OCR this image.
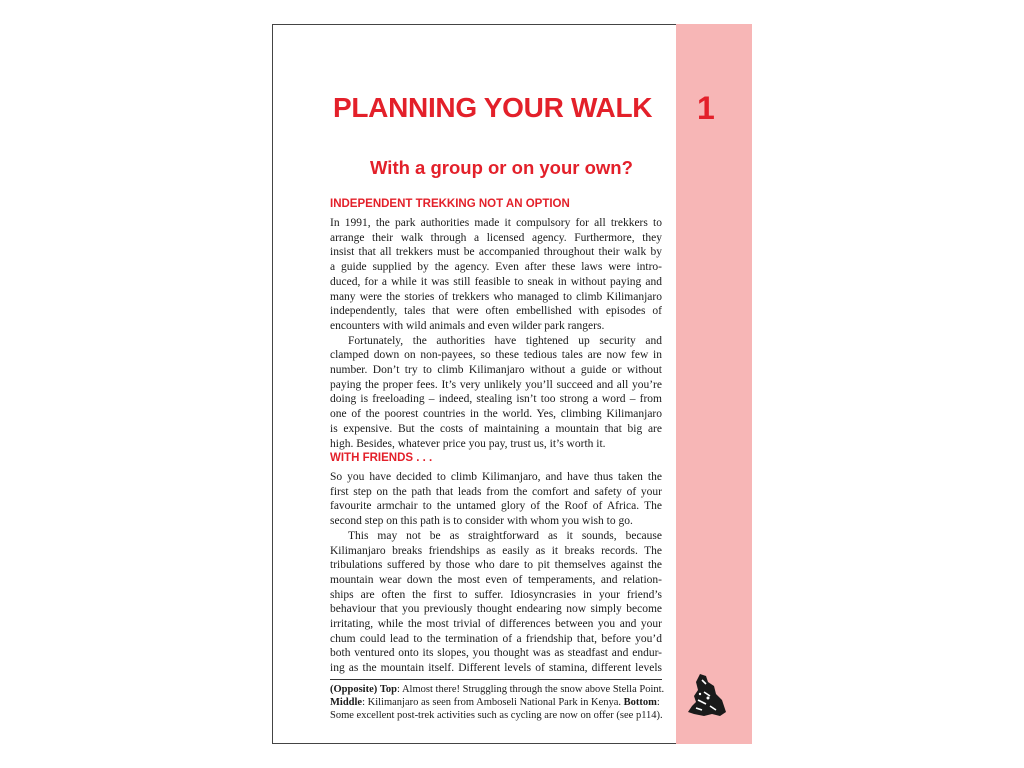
PLANNING YOUR WALK 1
With a group or on your own?
INDEPENDENT TREKKING NOT AN OPTION
In 1991, the park authorities made it compulsory for all trekkers to
arrange their walk through a licensed agency. Furthermore, they
insist that all trekkers must be accompanied throughout their walk by
a guide supplied by the agency. Even after these laws were intro-
duced, for a while it was still feasible to sneak in without paying and
many were the stories of trekkers who managed to climb Kilimanjaro
independently, tales that were often embellished with episodes of
encounters with wild animals and even wilder park rangers.
Fortunately, the authorities have tightened up security and
clamped down on non-payees, so these tedious tales are now few in
number. Don’t try to climb Kilimanjaro without a guide or without
paying the proper fees. It’s very unlikely you’ll succeed and all you’re
doing is freeloading – indeed, stealing isn’t too strong a word – from
one of the poorest countries in the world. Yes, climbing Kilimanjaro
is expensive. But the costs of maintaining a mountain that big are
high. Besides, whatever price you pay, trust us, it’s worth it.
WITH FRIENDS . . .
So you have decided to climb Kilimanjaro, and have thus taken the
first step on the path that leads from the comfort and safety of your
favourite armchair to the untamed glory of the Roof of Africa. The
second step on this path is to consider with whom you wish to go.
This may not be as straightforward as it sounds, because
Kilimanjaro breaks friendships as easily as it breaks records. The
tribulations suffered by those who dare to pit themselves against the
mountain wear down the most even of temperaments, and relation-
ships are often the first to suffer. Idiosyncrasies in your friend’s
behaviour that you previously thought endearing now simply become
irritating, while the most trivial of differences between you and your
chum could lead to the termination of a friendship that, before you’d
both ventured onto its slopes, you thought was as steadfast and endur-
ing as the mountain itself. Different levels of stamina, different levels
(Opposite) Top: Almost there! Struggling through the snow above Stella Point.
Middle: Kilimanjaro as seen from Amboseli National Park in Kenya. Bottom:
Some excellent post-trek activities such as cycling are now on offer (see p114).
